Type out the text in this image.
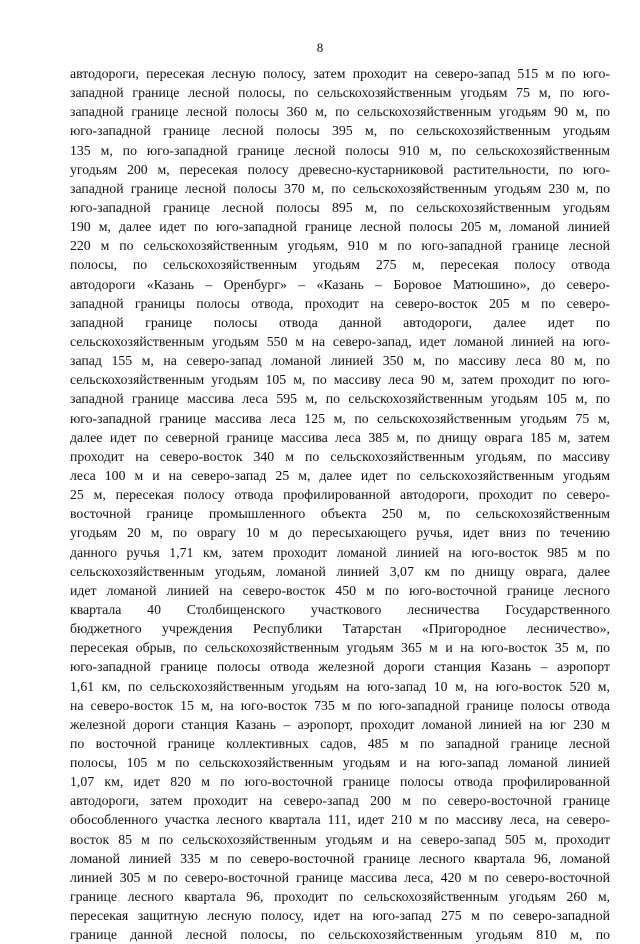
8
автодороги, пересекая лесную полосу, затем проходит на северо-запад 515 м по юго-
западной границе лесной полосы, по сельскохозяйственным угодьям 75 м, по юго-
западной границе лесной полосы 360 м, по сельскохозяйственным угодьям 90 м, по
юго-западной границе лесной полосы 395 м, по сельскохозяйственным угодьям
135 м, по юго-западной границе лесной полосы 910 м, по сельскохозяйственным
угодьям 200 м, пересекая полосу древесно-кустарниковой растительности, по юго-
западной границе лесной полосы 370 м, по сельскохозяйственным угодьям 230 м, по
юго-западной границе лесной полосы 895 м, по сельскохозяйственным угодьям
190 м, далее идет по юго-западной границе лесной полосы 205 м, ломаной линией
220 м по сельскохозяйственным угодьям, 910 м по юго-западной границе лесной
полосы, по сельскохозяйственным угодьям 275 м, пересекая полосу отвода
автодороги «Казань – Оренбург» – «Казань – Боровое Матюшино», до северо-
западной границы полосы отвода, проходит на северо-восток 205 м по северо-
западной границе полосы отвода данной автодороги, далее идет по
сельскохозяйственным угодьям 550 м на северо-запад, идет ломаной линией на юго-
запад 155 м, на северо-запад ломаной линией 350 м, по массиву леса 80 м, по
сельскохозяйственным угодьям 105 м, по массиву леса 90 м, затем проходит по юго-
западной границе массива леса 595 м, по сельскохозяйственным угодьям 105 м, по
юго-западной границе массива леса 125 м, по сельскохозяйственным угодьям 75 м,
далее идет по северной границе массива леса 385 м, по днищу оврага 185 м, затем
проходит на северо-восток 340 м по сельскохозяйственным угодьям, по массиву
леса 100 м и на северо-запад 25 м, далее идет по сельскохозяйственным угодьям
25 м, пересекая полосу отвода профилированной автодороги, проходит по северо-
восточной границе промышленного объекта 250 м, по сельскохозяйственным
угодьям 20 м, по оврагу 10 м до пересыхающего ручья, идет вниз по течению
данного ручья 1,71 км, затем проходит ломаной линией на юго-восток 985 м по
сельскохозяйственным угодьям, ломаной линией 3,07 км по днищу оврага, далее
идет ломаной линией на северо-восток 450 м по юго-восточной границе лесного
квартала 40 Столбищенского участкового лесничества Государственного
бюджетного учреждения Республики Татарстан «Пригородное лесничество»,
пересекая обрыв, по сельскохозяйственным угодьям 365 м и на юго-восток 35 м, по
юго-западной границе полосы отвода железной дороги станция Казань – аэропорт
1,61 км, по сельскохозяйственным угодьям на юго-запад 10 м, на юго-восток 520 м,
на северо-восток 15 м, на юго-восток 735 м по юго-западной границе полосы отвода
железной дороги станция Казань – аэропорт, проходит ломаной линией на юг 230 м
по восточной границе коллективных садов, 485 м по западной границе лесной
полосы, 105 м по сельскохозяйственным угодьям и на юго-запад ломаной линией
1,07 км, идет 820 м по юго-восточной границе полосы отвода профилированной
автодороги, затем проходит на северо-запад 200 м по северо-восточной границе
обособленного участка лесного квартала 111, идет 210 м по массиву леса, на северо-
восток 85 м по сельскохозяйственным угодьям и на северо-запад 505 м, проходит
ломаной линией 335 м по северо-восточной границе лесного квартала 96, ломаной
линией 305 м по северо-восточной границе массива леса, 420 м по северо-восточной
границе лесного квартала 96, проходит по сельскохозяйственным угодьям 260 м,
пересекая защитную лесную полосу, идет на юго-запад 275 м по северо-западной
границе данной лесной полосы, по сельскохозяйственным угодьям 810 м, по
